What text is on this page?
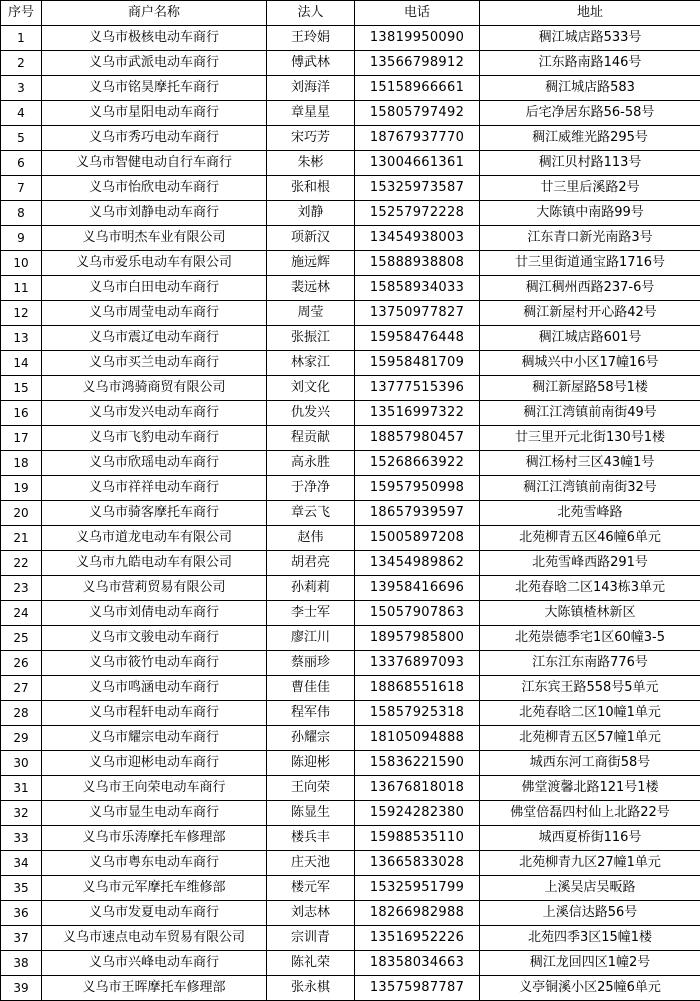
序号	商户名称	法人	电话	地址
1	义乌市极核电动车商行	王玲娟	13819950090	稠江城店路533号
2	义乌市武派电动车商行	傅武林	13566798912	江东路南路146号
3	义乌市铭昊摩托车商行	刘海洋	15158966661	稠江城店路583
4	义乌市星阳电动车商行	章星星	15805797492	后宅净居东路56-58号
5	义乌市秀巧电动车商行	宋巧芳	18767937770	稠江威维光路295号
6	义乌市智健电动自行车商行	朱彬	13004661361	稠江贝村路113号
7	义乌市怡欣电动车商行	张和根	15325973587	廿三里后溪路2号
8	义乌市刘静电动车商行	刘静	15257972228	大陈镇中南路99号
9	义乌市明杰车业有限公司	项新汉	13454938003	江东青口新光南路3号
10	义乌市爱乐电动车有限公司	施远辉	15888938808	廿三里街道通宝路1716号
11	义乌市白田电动车商行	裴远林	15858934033	稠江稠州西路237-6号
12	义乌市周莹电动车商行	周莹	13750977827	稠江新屋村开心路42号
13	义乌市震辽电动车商行	张振江	15958476448	稠江城店路601号
14	义乌市买兰电动车商行	林家江	15958481709	稠城兴中小区17幢16号
15	义乌市鸿骑商贸有限公司	刘文化	13777515396	稠江新屋路58号1楼
16	义乌市发兴电动车商行	仇发兴	13516997322	稠江江湾镇前南街49号
17	义乌市飞豹电动车商行	程贡献	18857980457	廿三里开元北街130号1楼
18	义乌市欣瑶电动车商行	高永胜	15268663922	稠江杨村三区43幢1号
19	义乌市祥祥电动车商行	于净净	15957950998	稠江江湾镇前南街32号
20	义乌市骑客摩托车商行	章云飞	18657939597	北苑雪峰路
21	义乌市道龙电动车有限公司	赵伟	15005897208	北苑柳青五区46幢6单元
22	义乌市九皓电动车有限公司	胡君亮	13454989862	北苑雪峰西路291号
23	义乌市营莉贸易有限公司	孙莉莉	13958416696	北苑春晗二区143栋3单元
24	义乌市刘倩电动车商行	李士军	15057907863	大陈镇楂林新区
25	义乌市文骏电动车商行	廖江川	18957985800	北苑崇德季宅1区60幢3-5
26	义乌市筱竹电动车商行	蔡丽珍	13376897093	江东江东南路776号
27	义乌市鸣涵电动车商行	曹佳佳	18868551618	江东宾王路558号5单元
28	义乌市程轩电动车商行	程军伟	15857925318	北苑春晗二区10幢1单元
29	义乌市耀宗电动车商行	孙耀宗	18105094888	北苑柳青五区57幢1单元
30	义乌市迎彬电动车商行	陈迎彬	15836221590	城西东河工商街58号
31	义乌市王向荣电动车商行	王向荣	13676818018	佛堂渡馨北路121号1楼
32	义乌市显生电动车商行	陈显生	15924282380	佛堂倍磊四村仙上北路22号
33	义乌市乐涛摩托车修理部	楼兵丰	15988535110	城西夏桥街116号
34	义乌市粤东电动车商行	庄天池	13665833028	北苑柳青九区27幢1单元
35	义乌市元军摩托车维修部	楼元军	15325951799	上溪吴店吴畈路
36	义乌市发夏电动车商行	刘志林	18266982988	上溪信达路56号
37	义乌市速点电动车贸易有限公司	宗训青	13516952226	北苑四季3区15幢1楼
38	义乌市兴峰电动车商行	陈礼荣	18358034663	稠江龙回四区1幢2号
39	义乌市王晖摩托车修理部	张永棋	13575987787	义亭铜溪小区25幢6单元
